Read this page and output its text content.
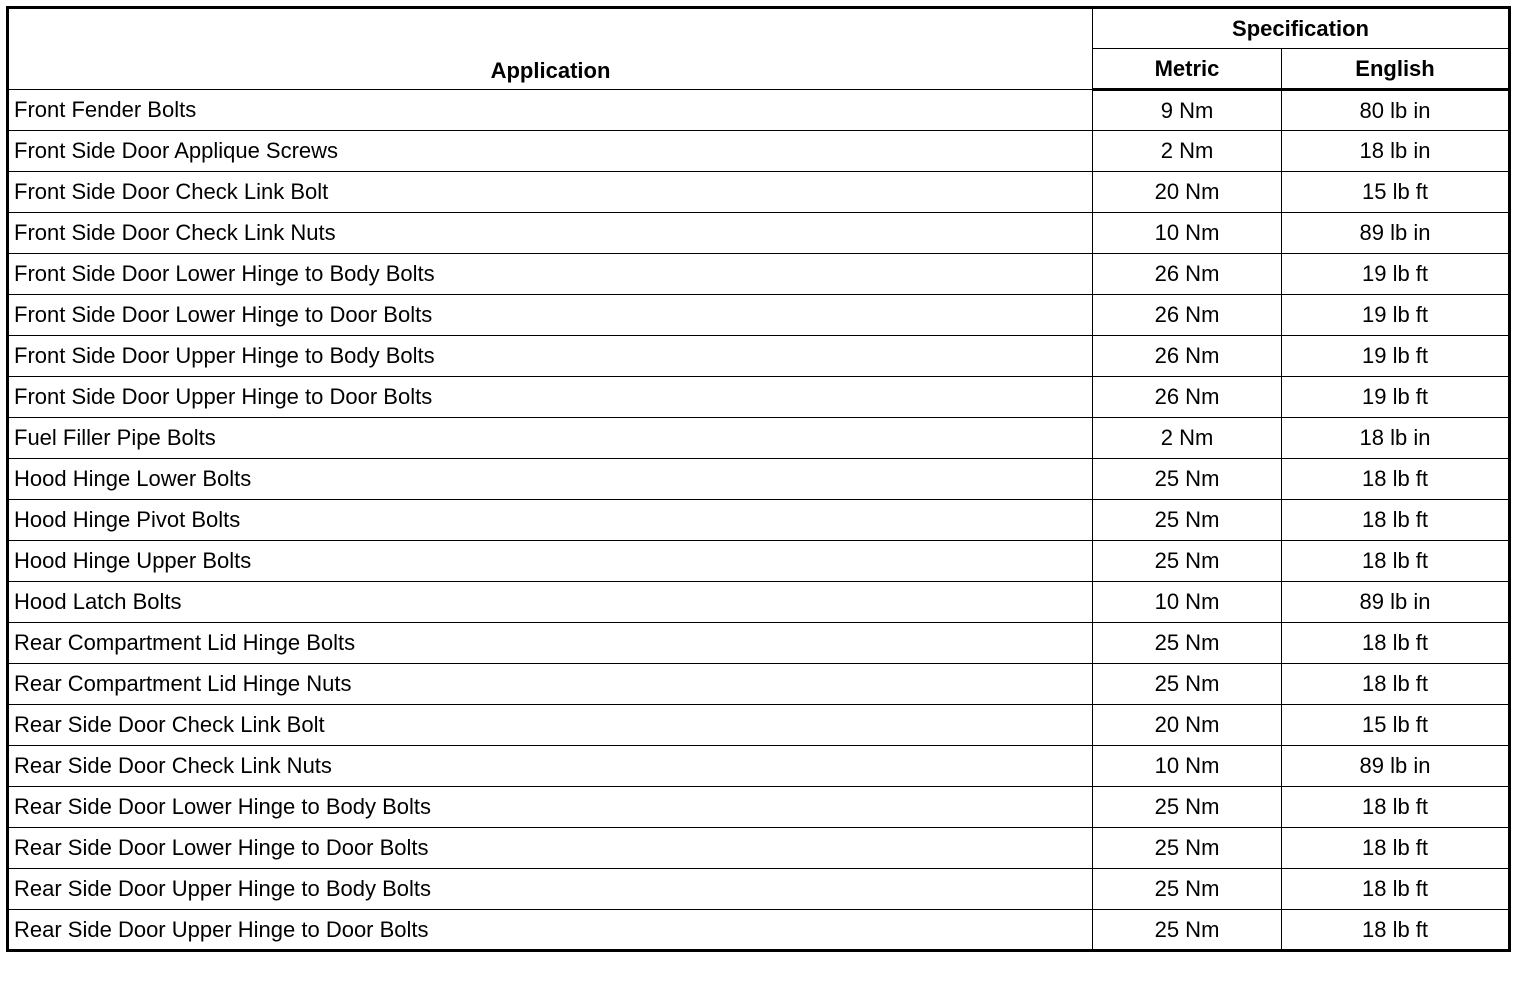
Application	Specification	
	Metric	English
Front Fender Bolts	9 Nm	80 lb in
Front Side Door Applique Screws	2 Nm	18 lb in
Front Side Door Check Link Bolt	20 Nm	15 lb ft
Front Side Door Check Link Nuts	10 Nm	89 lb in
Front Side Door Lower Hinge to Body Bolts	26 Nm	19 lb ft
Front Side Door Lower Hinge to Door Bolts	26 Nm	19 lb ft
Front Side Door Upper Hinge to Body Bolts	26 Nm	19 lb ft
Front Side Door Upper Hinge to Door Bolts	26 Nm	19 lb ft
Fuel Filler Pipe Bolts	2 Nm	18 lb in
Hood Hinge Lower Bolts	25 Nm	18 lb ft
Hood Hinge Pivot Bolts	25 Nm	18 lb ft
Hood Hinge Upper Bolts	25 Nm	18 lb ft
Hood Latch Bolts	10 Nm	89 lb in
Rear Compartment Lid Hinge Bolts	25 Nm	18 lb ft
Rear Compartment Lid Hinge Nuts	25 Nm	18 lb ft
Rear Side Door Check Link Bolt	20 Nm	15 lb ft
Rear Side Door Check Link Nuts	10 Nm	89 lb in
Rear Side Door Lower Hinge to Body Bolts	25 Nm	18 lb ft
Rear Side Door Lower Hinge to Door Bolts	25 Nm	18 lb ft
Rear Side Door Upper Hinge to Body Bolts	25 Nm	18 lb ft
Rear Side Door Upper Hinge to Door Bolts	25 Nm	18 lb ft
